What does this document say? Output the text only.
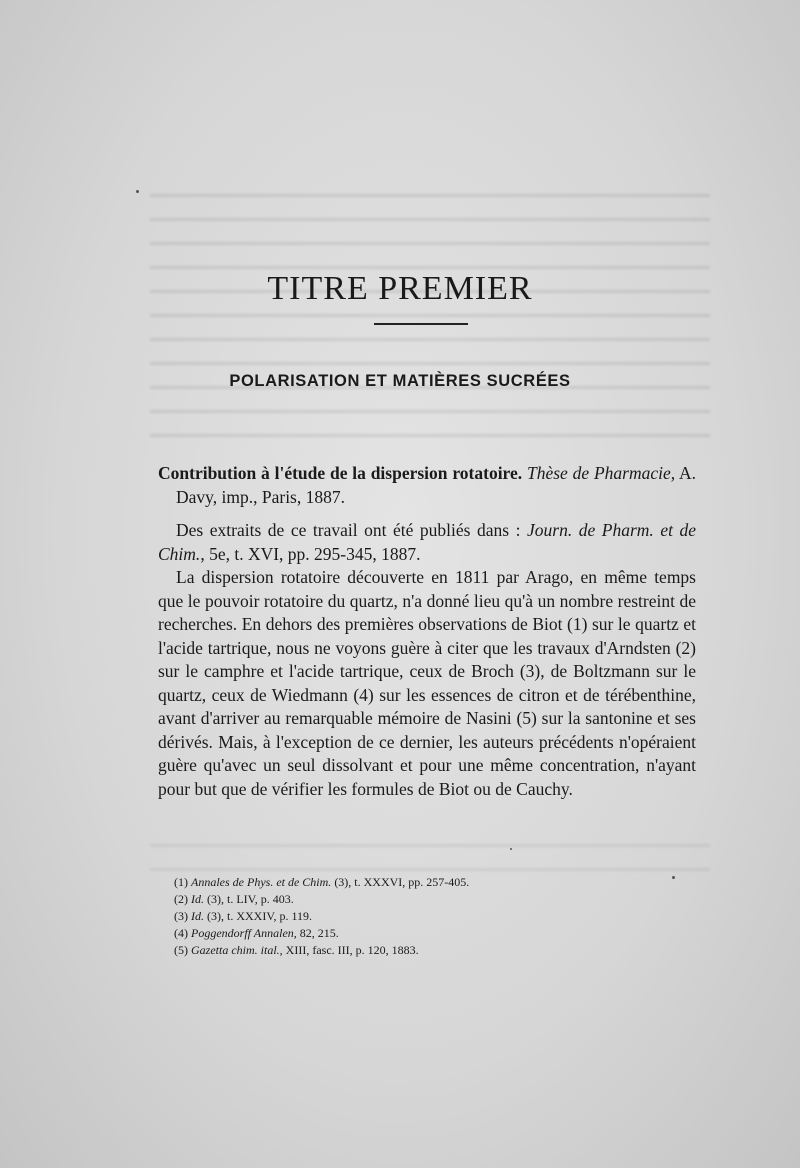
TITRE PREMIER
POLARISATION ET MATIÈRES SUCRÉES

Contribution à l'étude de la dispersion rotatoire. Thèse de Pharmacie, A. Davy, imp., Paris, 1887.

Des extraits de ce travail ont été publiés dans : Journ. de Pharm. et de Chim., 5e, t. XVI, pp. 295-345, 1887.

La dispersion rotatoire découverte en 1811 par Arago, en même temps que le pouvoir rotatoire du quartz, n'a donné lieu qu'à un nombre restreint de recherches. En dehors des premières observations de Biot (1) sur le quartz et l'acide tartrique, nous ne voyons guère à citer que les travaux d'Arndsten (2) sur le camphre et l'acide tartrique, ceux de Broch (3), de Boltzmann sur le quartz, ceux de Wiedmann (4) sur les essences de citron et de térébenthine, avant d'arriver au remarquable mémoire de Nasini (5) sur la santonine et ses dérivés. Mais, à l'exception de ce dernier, les auteurs précédents n'opéraient guère qu'avec un seul dissolvant et pour une même concentration, n'ayant pour but que de vérifier les formules de Biot ou de Cauchy.

(1) Annales de Phys. et de Chim. (3), t. XXXVI, pp. 257-405.
(2) Id. (3), t. LIV, p. 403.
(3) Id. (3), t. XXXIV, p. 119.
(4) Poggendorff Annalen, 82, 215.
(5) Gazetta chim. ital., XIII, fasc. III, p. 120, 1883.
